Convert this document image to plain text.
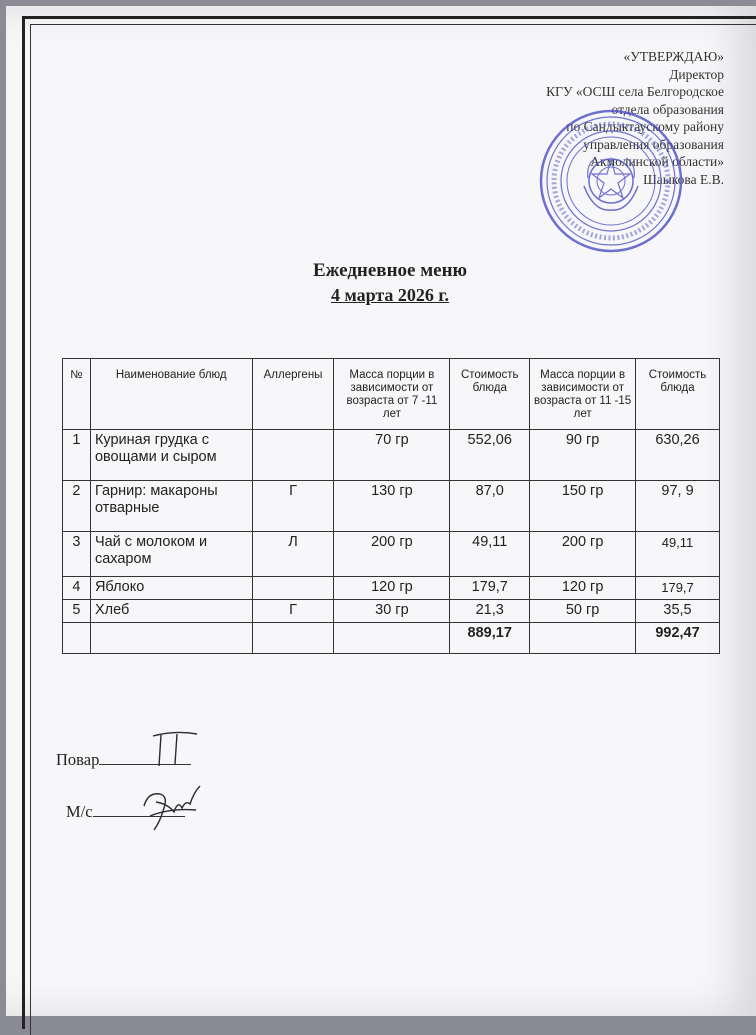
«УТВЕРЖДАЮ»
Директор
КГУ «ОСШ села Белгородское
отдела образования
по Сандыктаускому району
управления образования
Акмолинской области»
Шаыкова Е.В.
Ежедневное меню
4 марта 2026 г.
№	Наименование блюд	Аллергены	Масса порции в зависимости от возраста от 7 -11 лет	Стоимость блюда	Масса порции в зависимости от возраста от 11 -15 лет	Стоимость блюда
1	Куриная грудка с овощами и сыром		70 гр	552,06	90 гр	630,26
2	Гарнир: макароны отварные	Г	130 гр	87,0	150 гр	97, 9
3	Чай с молоком и сахаром	Л	200 гр	49,11	200 гр	49,11
4	Яблоко		120 гр	179,7	120 гр	179,7
5	Хлеб	Г	30 гр	21,3	50 гр	35,5
				889,17		992,47
Повар
М/с
